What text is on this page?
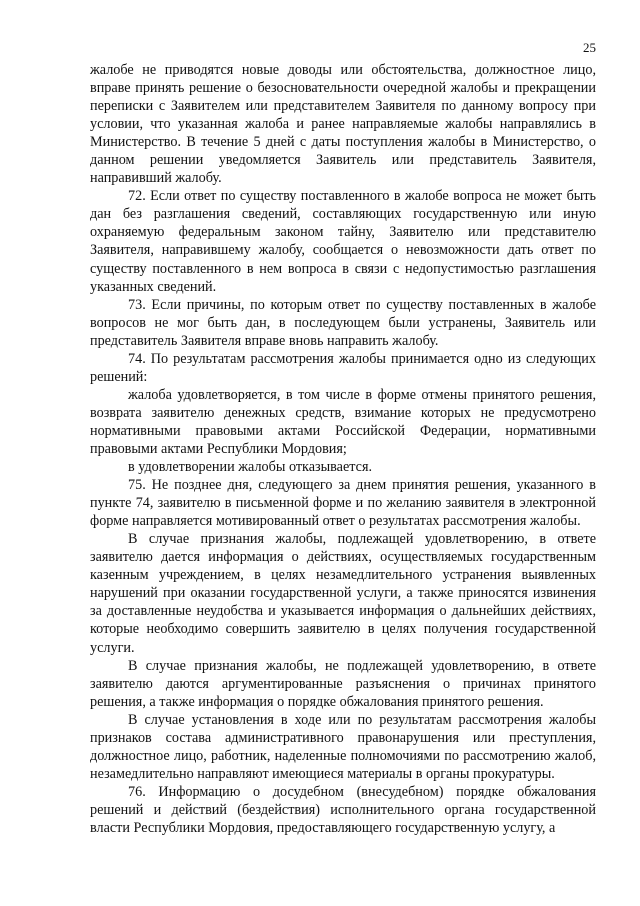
25

жалобе не приводятся новые доводы или обстоятельства, должностное лицо, вправе принять решение о безосновательности очередной жалобы и прекращении переписки с Заявителем или представителем Заявителя по данному вопросу при условии, что указанная жалоба и ранее направляемые жалобы направлялись в Министерство. В течение 5 дней с даты поступления жалобы в Министерство, о данном решении уведомляется Заявитель или представитель Заявителя, направивший жалобу.

72. Если ответ по существу поставленного в жалобе вопроса не может быть дан без разглашения сведений, составляющих государственную или иную охраняемую федеральным законом тайну, Заявителю или представителю Заявителя, направившему жалобу, сообщается о невозможности дать ответ по существу поставленного в нем вопроса в связи с недопустимостью разглашения указанных сведений.

73. Если причины, по которым ответ по существу поставленных в жалобе вопросов не мог быть дан, в последующем были устранены, Заявитель или представитель Заявителя вправе вновь направить жалобу.

74. По результатам рассмотрения жалобы принимается одно из следующих решений:

жалоба удовлетворяется, в том числе в форме отмены принятого решения, возврата заявителю денежных средств, взимание которых не предусмотрено нормативными правовыми актами Российской Федерации, нормативными правовыми актами Республики Мордовия;

в удовлетворении жалобы отказывается.

75. Не позднее дня, следующего за днем принятия решения, указанного в пункте 74, заявителю в письменной форме и по желанию заявителя в электронной форме направляется мотивированный ответ о результатах рассмотрения жалобы.

В случае признания жалобы, подлежащей удовлетворению, в ответе заявителю дается информация о действиях, осуществляемых государственным казенным учреждением, в целях незамедлительного устранения выявленных нарушений при оказании государственной услуги, а также приносятся извинения за доставленные неудобства и указывается информация о дальнейших действиях, которые необходимо совершить заявителю в целях получения государственной услуги.

В случае признания жалобы, не подлежащей удовлетворению, в ответе заявителю даются аргументированные разъяснения о причинах принятого решения, а также информация о порядке обжалования принятого решения.

В случае установления в ходе или по результатам рассмотрения жалобы признаков состава административного правонарушения или преступления, должностное лицо, работник, наделенные полномочиями по рассмотрению жалоб, незамедлительно направляют имеющиеся материалы в органы прокуратуры.

76. Информацию о досудебном (внесудебном) порядке обжалования решений и действий (бездействия) исполнительного органа государственной власти Республики Мордовия, предоставляющего государственную услугу, а
